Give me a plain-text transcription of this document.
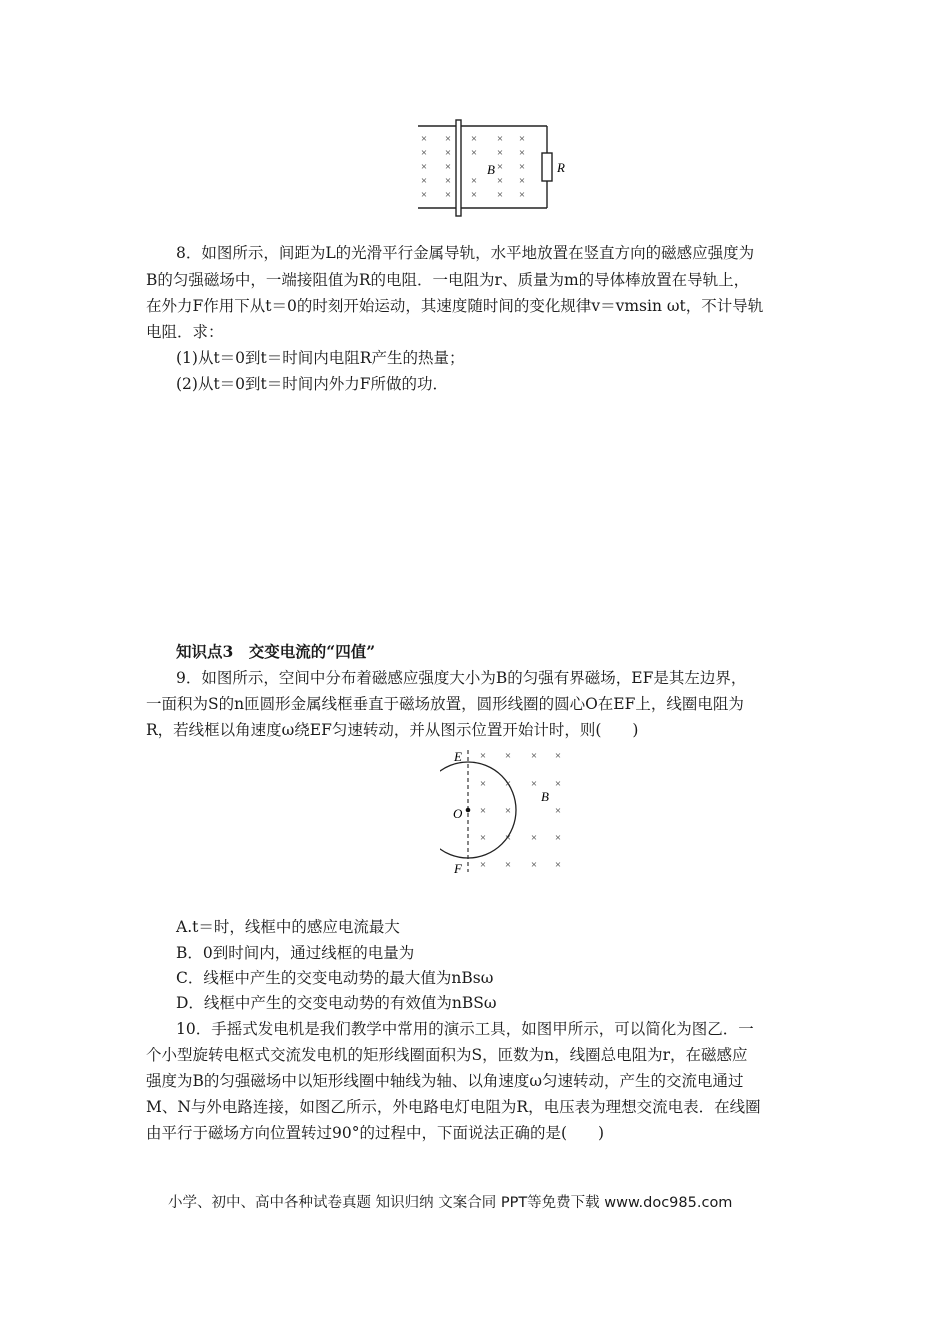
× × × × ×
× × × × ×
× ×	× ×
× × × × ×
× × × × ×
B	R
8．如图所示，间距为L的光滑平行金属导轨，水平地放置在竖直方向的磁感应强度为
B的匀强磁场中，一端接阻值为R的电阻．一电阻为r、质量为m的导体棒放置在导轨上，
在外力F作用下从t＝0的时刻开始运动，其速度随时间的变化规律v＝vmsin ωt，不计导轨
电阻．求：
(1)从t＝0到t＝时间内电阻R产生的热量；
(2)从t＝0到t＝时间内外力F所做的功．
知识点3　交变电流的“四值”
9．如图所示，空间中分布着磁感应强度大小为B的匀强有界磁场，EF是其左边界，
一面积为S的n匝圆形金属线框垂直于磁场放置，圆形线圈的圆心O在EF上，线圈电阻为
R，若线框以角速度ω绕EF匀速转动，并从图示位置开始计时，则(　　)
× × × ×
× × × ×
× ×	×
× × × ×
× × × ×
E
F
O
B
A.t＝时，线框中的感应电流最大
B．0到时间内，通过线框的电量为
C．线框中产生的交变电动势的最大值为nBsω
D．线框中产生的交变电动势的有效值为nBSω
10．手摇式发电机是我们教学中常用的演示工具，如图甲所示，可以简化为图乙．一
个小型旋转电枢式交流发电机的矩形线圈面积为S，匝数为n，线圈总电阻为r，在磁感应
强度为B的匀强磁场中以矩形线圈中轴线为轴、以角速度ω匀速转动，产生的交流电通过
M、N与外电路连接，如图乙所示，外电路电灯电阻为R，电压表为理想交流电表．在线圈
由平行于磁场方向位置转过90°的过程中，下面说法正确的是(　　)
小学、初中、高中各种试卷真题 知识归纳 文案合同 PPT等免费下载 www.doc985.com
